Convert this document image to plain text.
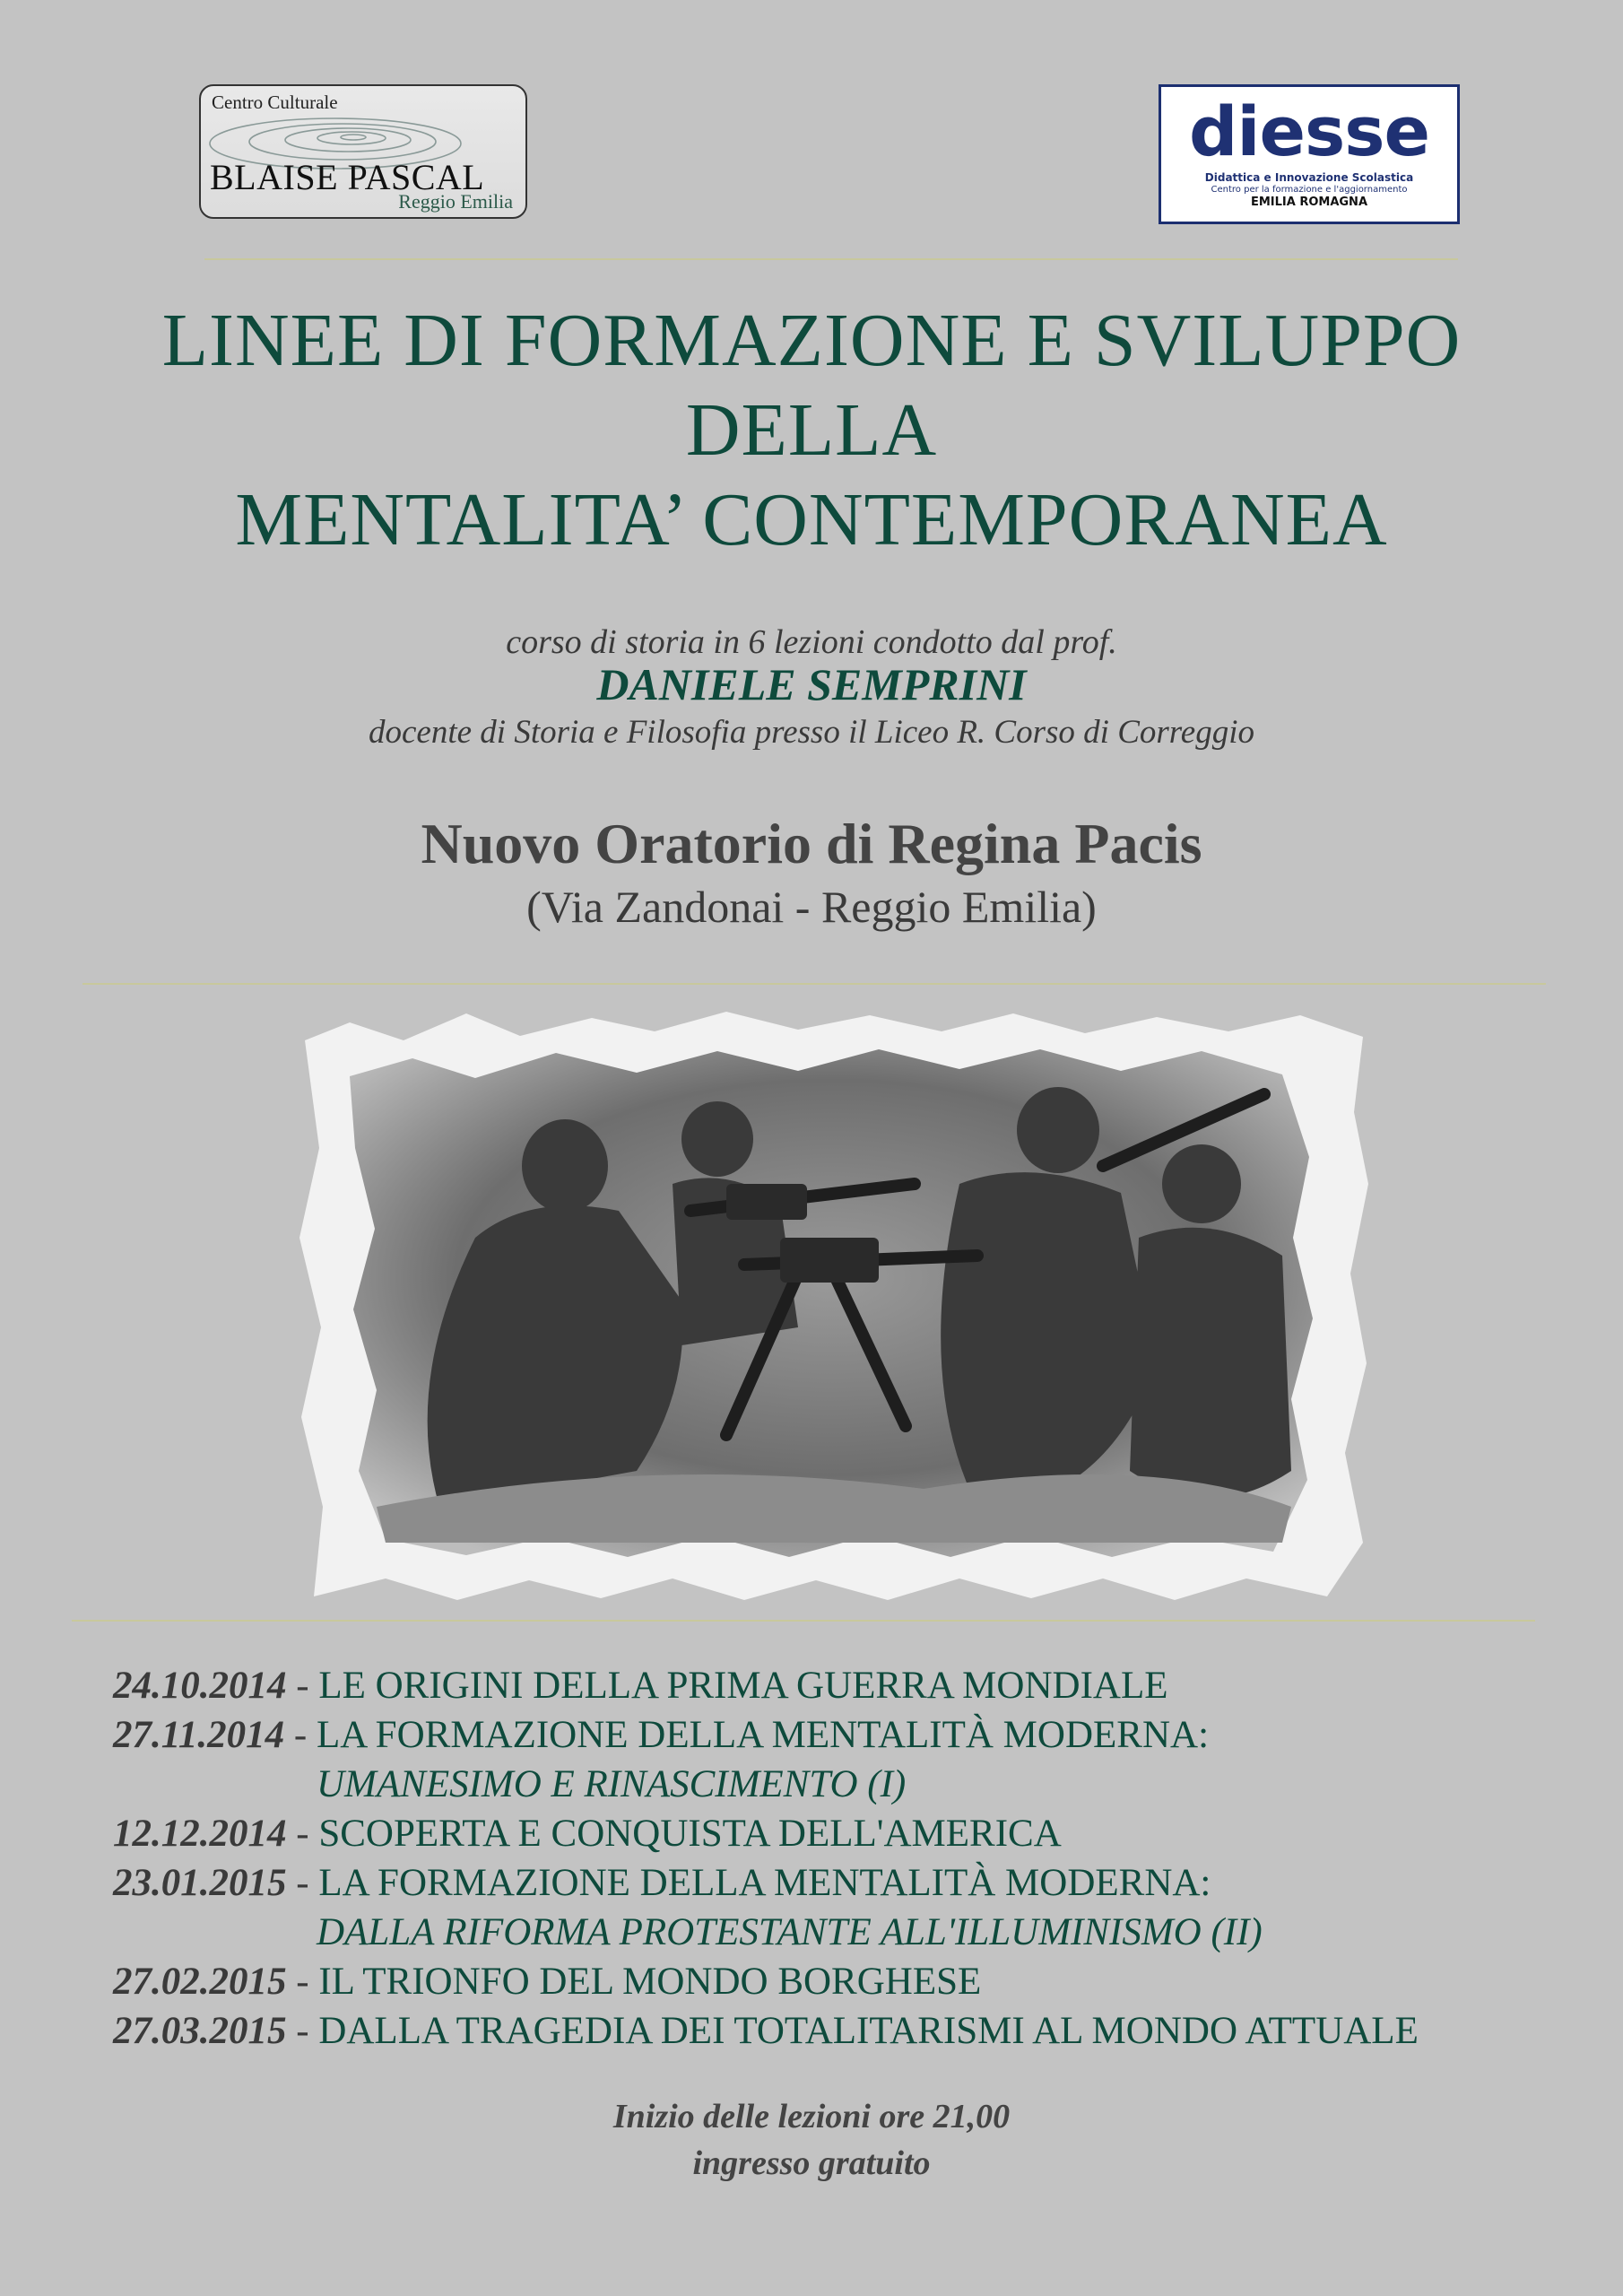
Centro Culturale
BLAISE PASCAL
Reggio Emilia
diesse
Didattica e Innovazione Scolastica
Centro per la formazione e l'aggiornamento
EMILIA ROMAGNA
LINEE DI FORMAZIONE E SVILUPPO
DELLA
MENTALITA’ CONTEMPORANEA
corso di storia in 6 lezioni condotto dal prof.
DANIELE SEMPRINI
docente di Storia e Filosofia presso il Liceo R. Corso di Correggio
Nuovo Oratorio di Regina Pacis
(Via Zandonai - Reggio Emilia)
24.10.2014 - LE ORIGINI DELLA PRIMA GUERRA MONDIALE
27.11.2014 - LA FORMAZIONE DELLA MENTALITÀ MODERNA:
UMANESIMO E RINASCIMENTO (I)
12.12.2014 - SCOPERTA E CONQUISTA DELL'AMERICA
23.01.2015 - LA FORMAZIONE DELLA MENTALITÀ MODERNA:
DALLA RIFORMA PROTESTANTE ALL'ILLUMINISMO (II)
27.02.2015 - IL TRIONFO DEL MONDO BORGHESE
27.03.2015 - DALLA TRAGEDIA DEI TOTALITARISMI AL MONDO ATTUALE
Inizio delle lezioni ore 21,00
ingresso gratuito
